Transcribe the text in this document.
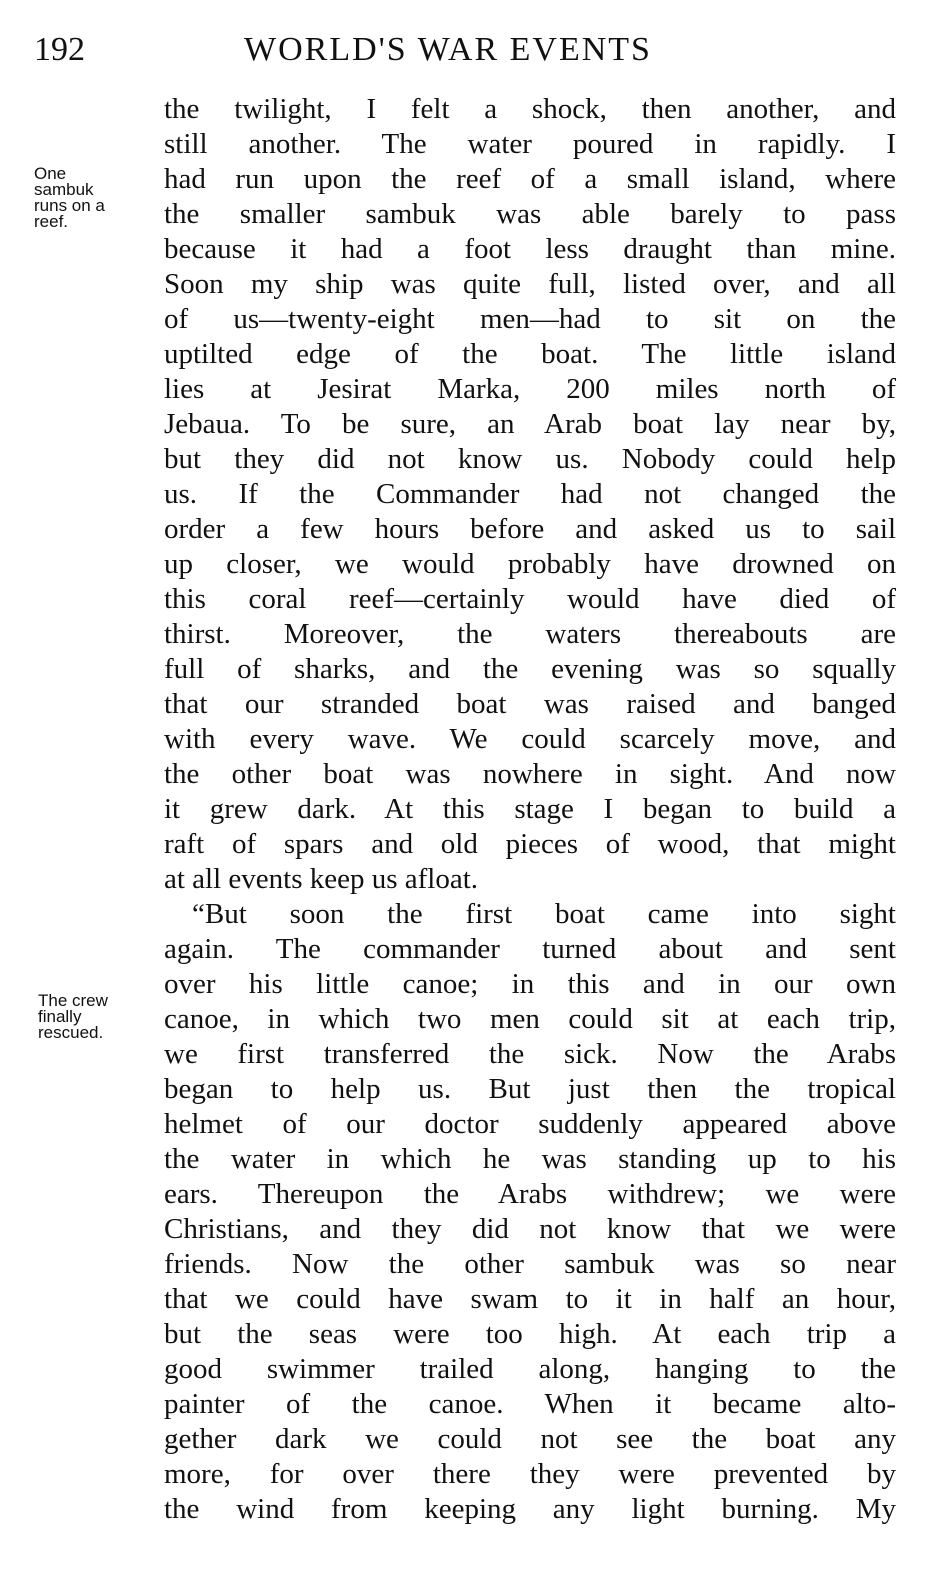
192	WORLD'S WAR EVENTS
One
sambuk
runs on a
reef.
The crew
finally
rescued.
the twilight, I felt a shock, then another, and
still another. The water poured in rapidly. I
had run upon the reef of a small island, where
the smaller sambuk was able barely to pass
because it had a foot less draught than mine.
Soon my ship was quite full, listed over, and all
of us—twenty-eight men—had to sit on the
uptilted edge of the boat. The little island
lies at Jesirat Marka, 200 miles north of
Jebaua. To be sure, an Arab boat lay near by,
but they did not know us. Nobody could help
us. If the Commander had not changed the
order a few hours before and asked us to sail
up closer, we would probably have drowned on
this coral reef—certainly would have died of
thirst. Moreover, the waters thereabouts are
full of sharks, and the evening was so squally
that our stranded boat was raised and banged
with every wave. We could scarcely move, and
the other boat was nowhere in sight. And now
it grew dark. At this stage I began to build a
raft of spars and old pieces of wood, that might
at all events keep us afloat.
“But soon the first boat came into sight
again. The commander turned about and sent
over his little canoe; in this and in our own
canoe, in which two men could sit at each trip,
we first transferred the sick. Now the Arabs
began to help us. But just then the tropical
helmet of our doctor suddenly appeared above
the water in which he was standing up to his
ears. Thereupon the Arabs withdrew; we were
Christians, and they did not know that we were
friends. Now the other sambuk was so near
that we could have swam to it in half an hour,
but the seas were too high. At each trip a
good swimmer trailed along, hanging to the
painter of the canoe. When it became alto-
gether dark we could not see the boat any
more, for over there they were prevented by
the wind from keeping any light burning. My
